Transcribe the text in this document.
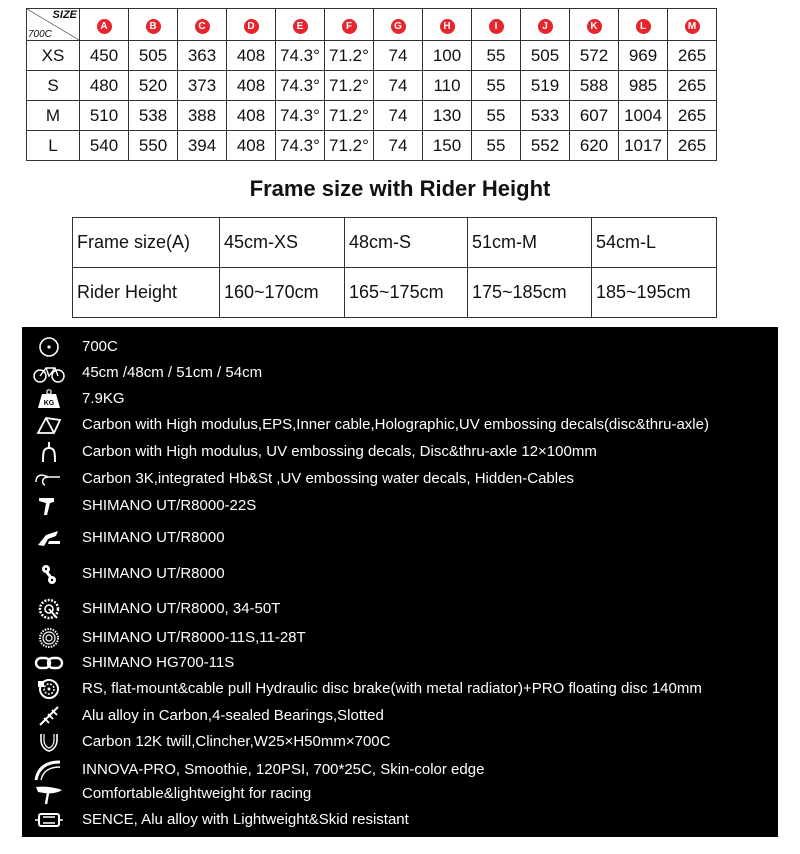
SIZE
700C	A	B	C	D	E	F	G	H	I	J	K	L	M
XS	450	505	363	408	74.3°	71.2°	74	100	55	505	572	969	265
S	480	520	373	408	74.3°	71.2°	74	110	55	519	588	985	265
M	510	538	388	408	74.3°	71.2°	74	130	55	533	607	1004	265
L	540	550	394	408	74.3°	71.2°	74	150	55	552	620	1017	265
Frame size with Rider Height
Frame size(A)	45cm-XS	48cm-S	51cm-M	54cm-L
Rider Height	160~170cm	165~175cm	175~185cm	185~195cm
700C
45cm /48cm / 51cm / 54cm
KG 7.9KG
Carbon with High modulus,EPS,Inner cable,Holographic,UV embossing decals(disc&thru-axle)
Carbon with High modulus, UV embossing decals, Disc&thru-axle 12×100mm
Carbon 3K,integrated Hb&St ,UV embossing water decals, Hidden-Cables
SHIMANO UT/R8000-22S
SHIMANO UT/R8000
SHIMANO UT/R8000
SHIMANO UT/R8000, 34-50T
SHIMANO UT/R8000-11S,11-28T
SHIMANO HG700-11S
RS, flat-mount&cable pull Hydraulic disc brake(with metal radiator)+PRO floating disc 140mm
Alu alloy in Carbon,4-sealed Bearings,Slotted
Carbon 12K twill,Clincher,W25×H50mm×700C
INNOVA-PRO, Smoothie, 120PSI, 700*25C, Skin-color edge
Comfortable&lightweight for racing
SENCE, Alu alloy with Lightweight&Skid resistant
